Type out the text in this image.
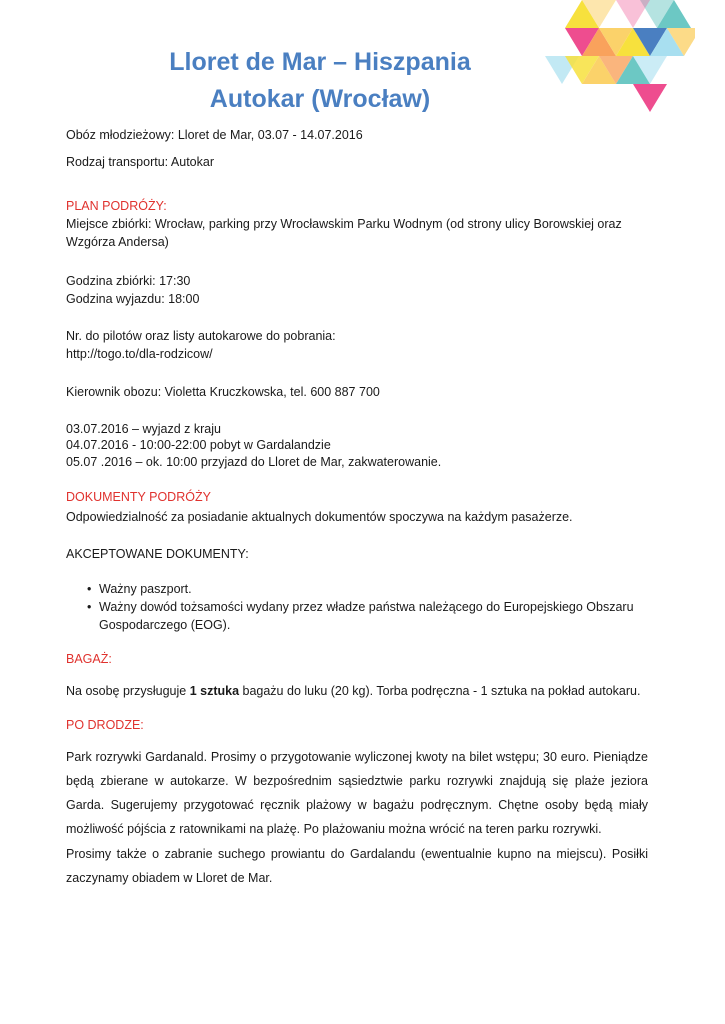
Lloret de Mar – Hiszpania
Autokar (Wrocław)
Obóz młodzieżowy: Lloret de Mar, 03.07 - 14.07.2016
Rodzaj transportu: Autokar
PLAN PODRÓŻY:
Miejsce zbiórki: Wrocław, parking przy Wrocławskim Parku Wodnym (od strony ulicy Borowskiej oraz
Wzgórza Andersa)
Godzina zbiórki: 17:30
Godzina wyjazdu: 18:00
Nr. do pilotów oraz listy autokarowe do pobrania:
http://togo.to/dla-rodzicow/
Kierownik obozu: Violetta Kruczkowska, tel. 600 887 700
03.07.2016 – wyjazd z kraju
04.07.2016 - 10:00-22:00 pobyt w Gardalandzie
05.07 .2016 – ok. 10:00 przyjazd do Lloret de Mar, zakwaterowanie.
DOKUMENTY PODRÓŻY
Odpowiedzialność za posiadanie aktualnych dokumentów spoczywa na każdym pasażerze.
AKCEPTOWANE DOKUMENTY:
• Ważny paszport.
• Ważny dowód tożsamości wydany przez władze państwa należącego do Europejskiego Obszaru Gospodarczego (EOG).
BAGAŻ:
Na osobę przysługuje 1 sztuka bagażu do luku (20 kg). Torba podręczna - 1 sztuka na pokład autokaru.
PO DRODZE:
Park rozrywki Gardanald. Prosimy o przygotowanie wyliczonej kwoty na bilet wstępu; 30 euro. Pieniądze będą zbierane w autokarze. W bezpośrednim sąsiedztwie parku rozrywki znajdują się plaże jeziora Garda. Sugerujemy przygotować ręcznik plażowy w bagażu podręcznym. Chętne osoby będą miały możliwość pójścia z ratownikami na plażę. Po plażowaniu można wrócić na teren parku rozrywki.
Prosimy także o zabranie suchego prowiantu do Gardalandu (ewentualnie kupno na miejscu). Posiłki zaczynamy obiadem w Lloret de Mar.
